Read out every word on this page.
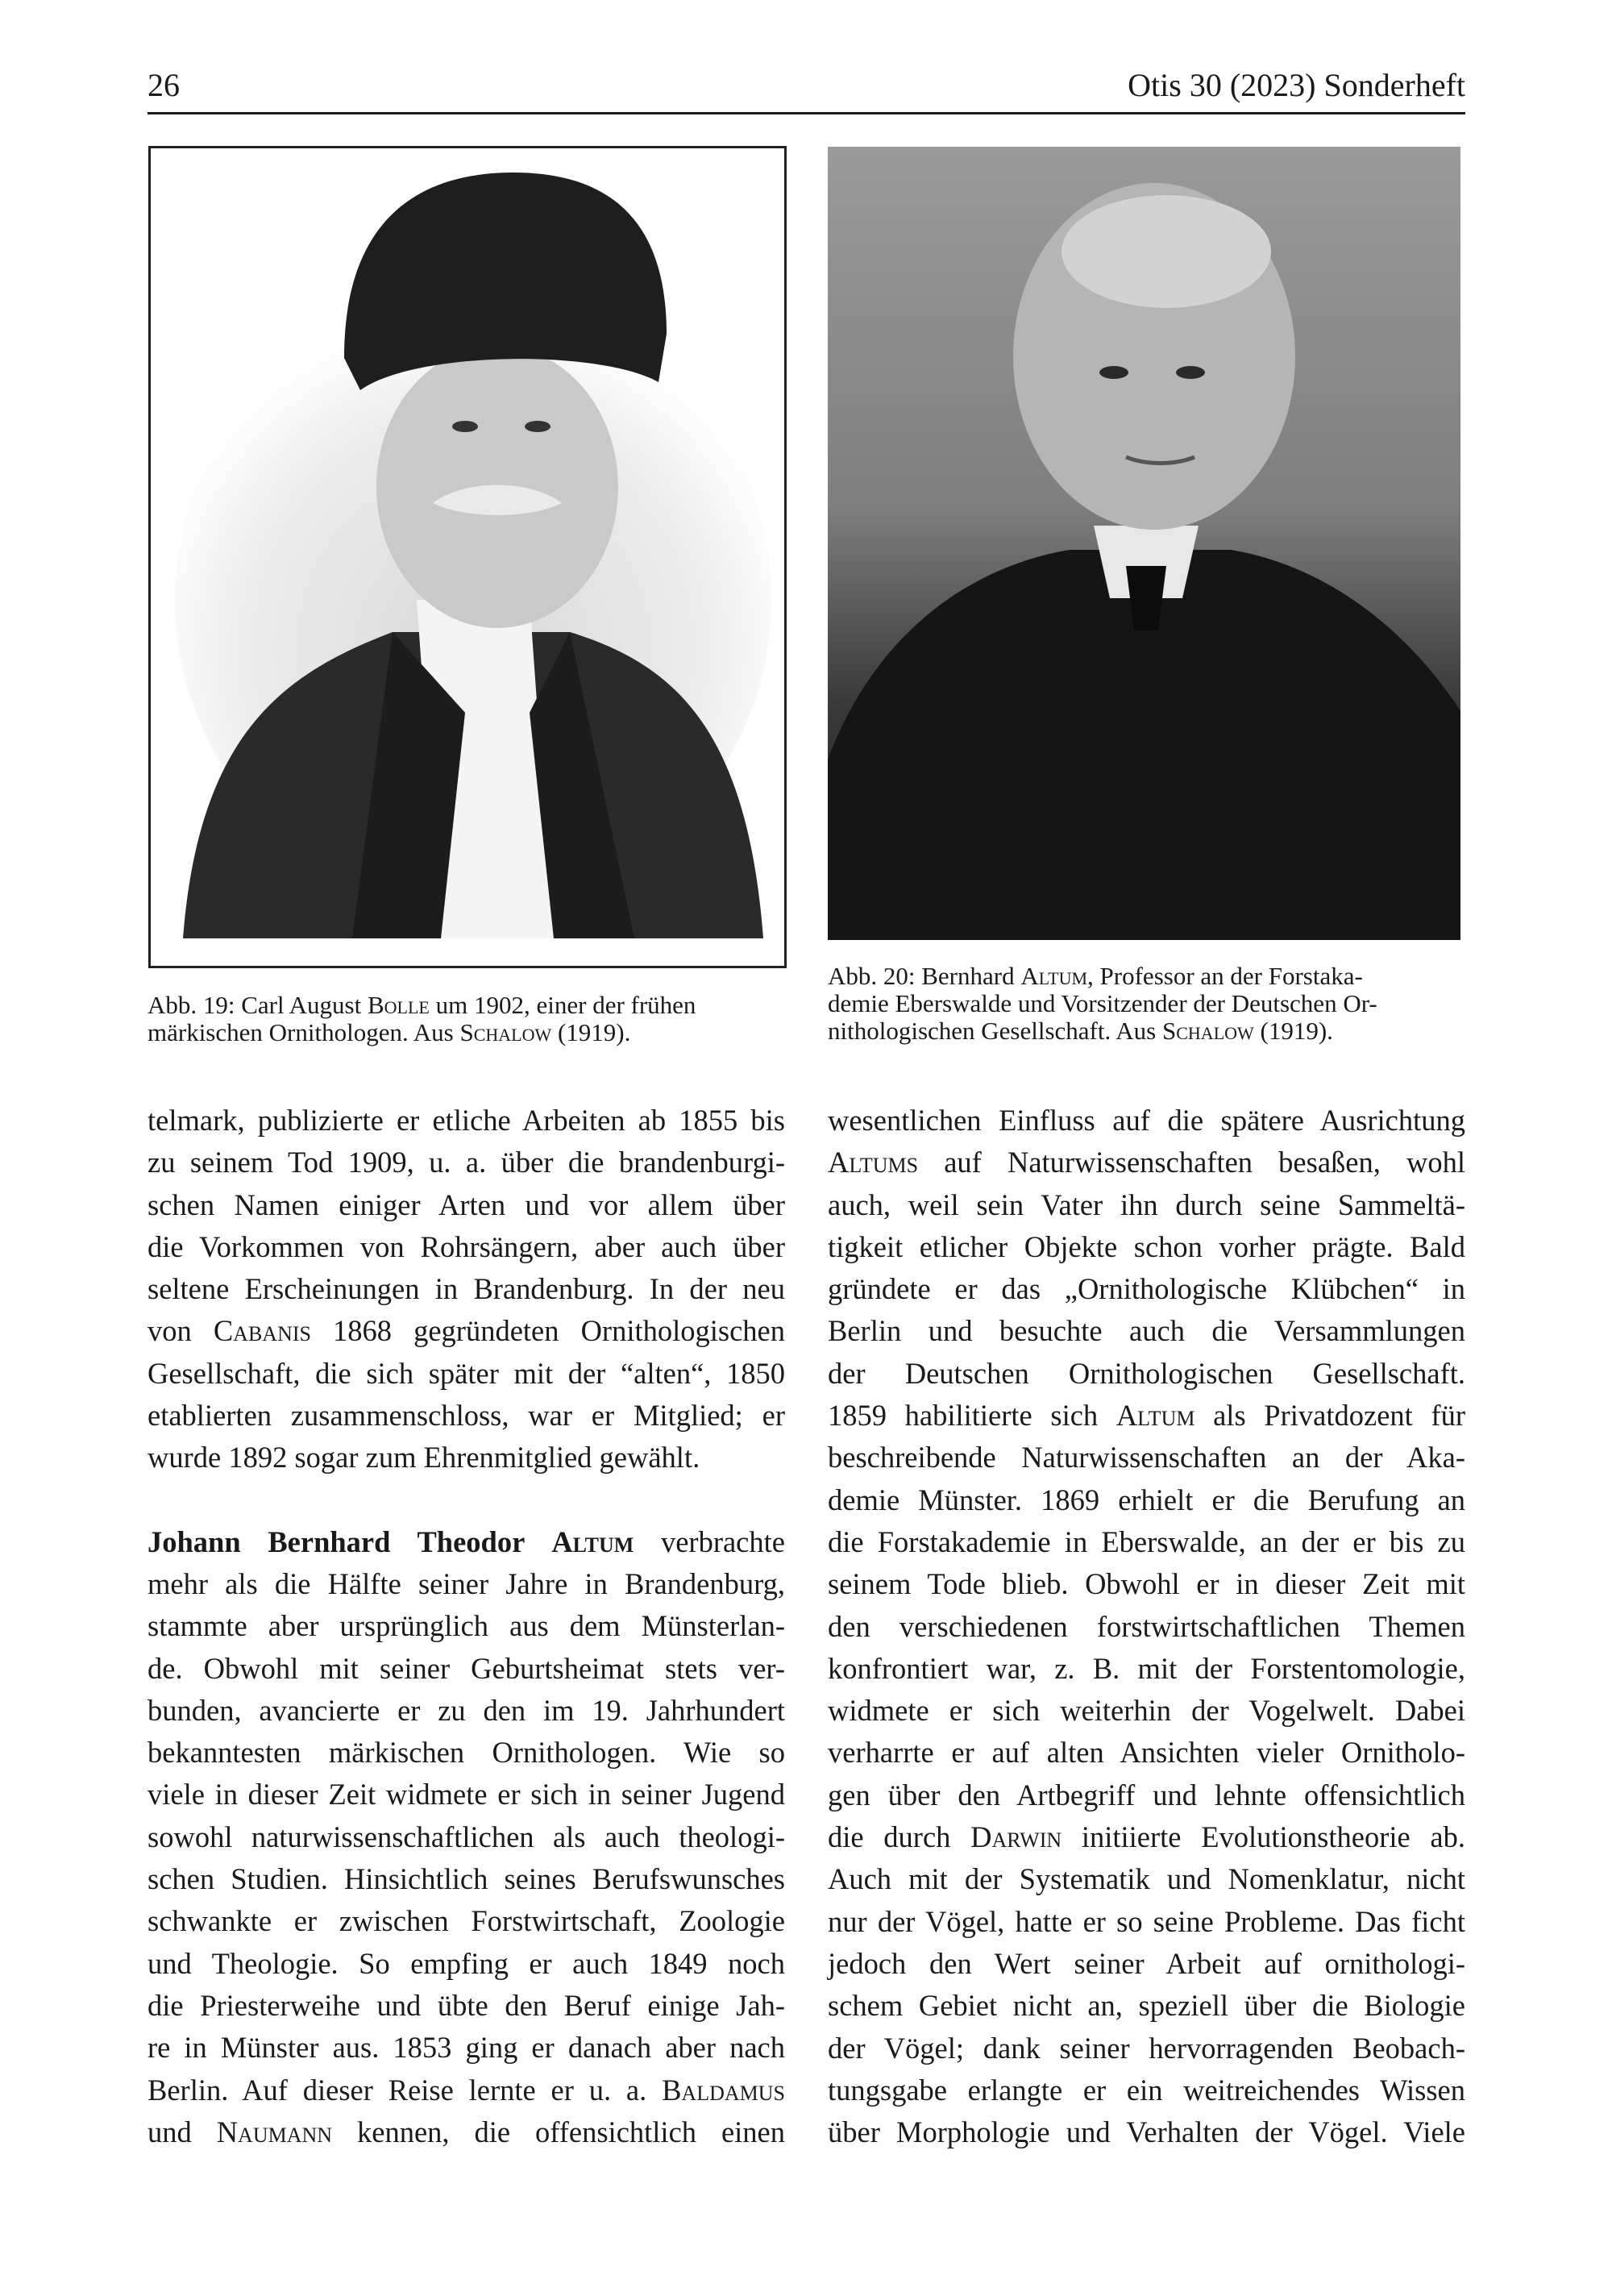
26	Otis 30 (2023) Sonderheft
Abb. 19: Carl August Bolle um 1902, einer der frühen
märkischen Ornithologen. Aus Schalow (1919).
Abb. 20: Bernhard Altum, Professor an der Forstaka-
demie Eberswalde und Vorsitzender der Deutschen Or-
nithologischen Gesellschaft. Aus Schalow (1919).
telmark, publizierte er etliche Arbeiten ab 1855 bis
zu seinem Tod 1909, u. a. über die brandenburgi-
schen Namen einiger Arten und vor allem über
die Vorkommen von Rohrsängern, aber auch über
seltene Erscheinungen in Brandenburg. In der neu
von Cabanis 1868 gegründeten Ornithologischen
Gesellschaft, die sich später mit der “alten“, 1850
etablierten zusammenschloss, war er Mitglied; er
wurde 1892 sogar zum Ehrenmitglied gewählt.
Johann Bernhard Theodor Altum verbrachte
mehr als die Hälfte seiner Jahre in Brandenburg,
stammte aber ursprünglich aus dem Münsterlan-
de. Obwohl mit seiner Geburtsheimat stets ver-
bunden, avancierte er zu den im 19. Jahrhundert
bekanntesten märkischen Ornithologen. Wie so
viele in dieser Zeit widmete er sich in seiner Jugend
sowohl naturwissenschaftlichen als auch theologi-
schen Studien. Hinsichtlich seines Berufswunsches
schwankte er zwischen Forstwirtschaft, Zoologie
und Theologie. So empfing er auch 1849 noch
die Priesterweihe und übte den Beruf einige Jah-
re in Münster aus. 1853 ging er danach aber nach
Berlin. Auf dieser Reise lernte er u. a. Baldamus
und Naumann kennen, die offensichtlich einen
wesentlichen Einfluss auf die spätere Ausrichtung
Altums auf Naturwissenschaften besaßen, wohl
auch, weil sein Vater ihn durch seine Sammeltä-
tigkeit etlicher Objekte schon vorher prägte. Bald
gründete er das „Ornithologische Klübchen“ in
Berlin und besuchte auch die Versammlungen
der Deutschen Ornithologischen Gesellschaft.
1859 habilitierte sich Altum als Privatdozent für
beschreibende Naturwissenschaften an der Aka-
demie Münster. 1869 erhielt er die Berufung an
die Forstakademie in Eberswalde, an der er bis zu
seinem Tode blieb. Obwohl er in dieser Zeit mit
den verschiedenen forstwirtschaftlichen Themen
konfrontiert war, z. B. mit der Forstentomologie,
widmete er sich weiterhin der Vogelwelt. Dabei
verharrte er auf alten Ansichten vieler Ornitholo-
gen über den Artbegriff und lehnte offensichtlich
die durch Darwin initiierte Evolutionstheorie ab.
Auch mit der Systematik und Nomenklatur, nicht
nur der Vögel, hatte er so seine Probleme. Das ficht
jedoch den Wert seiner Arbeit auf ornithologi-
schem Gebiet nicht an, speziell über die Biologie
der Vögel; dank seiner hervorragenden Beobach-
tungsgabe erlangte er ein weitreichendes Wissen
über Morphologie und Verhalten der Vögel. Viele
